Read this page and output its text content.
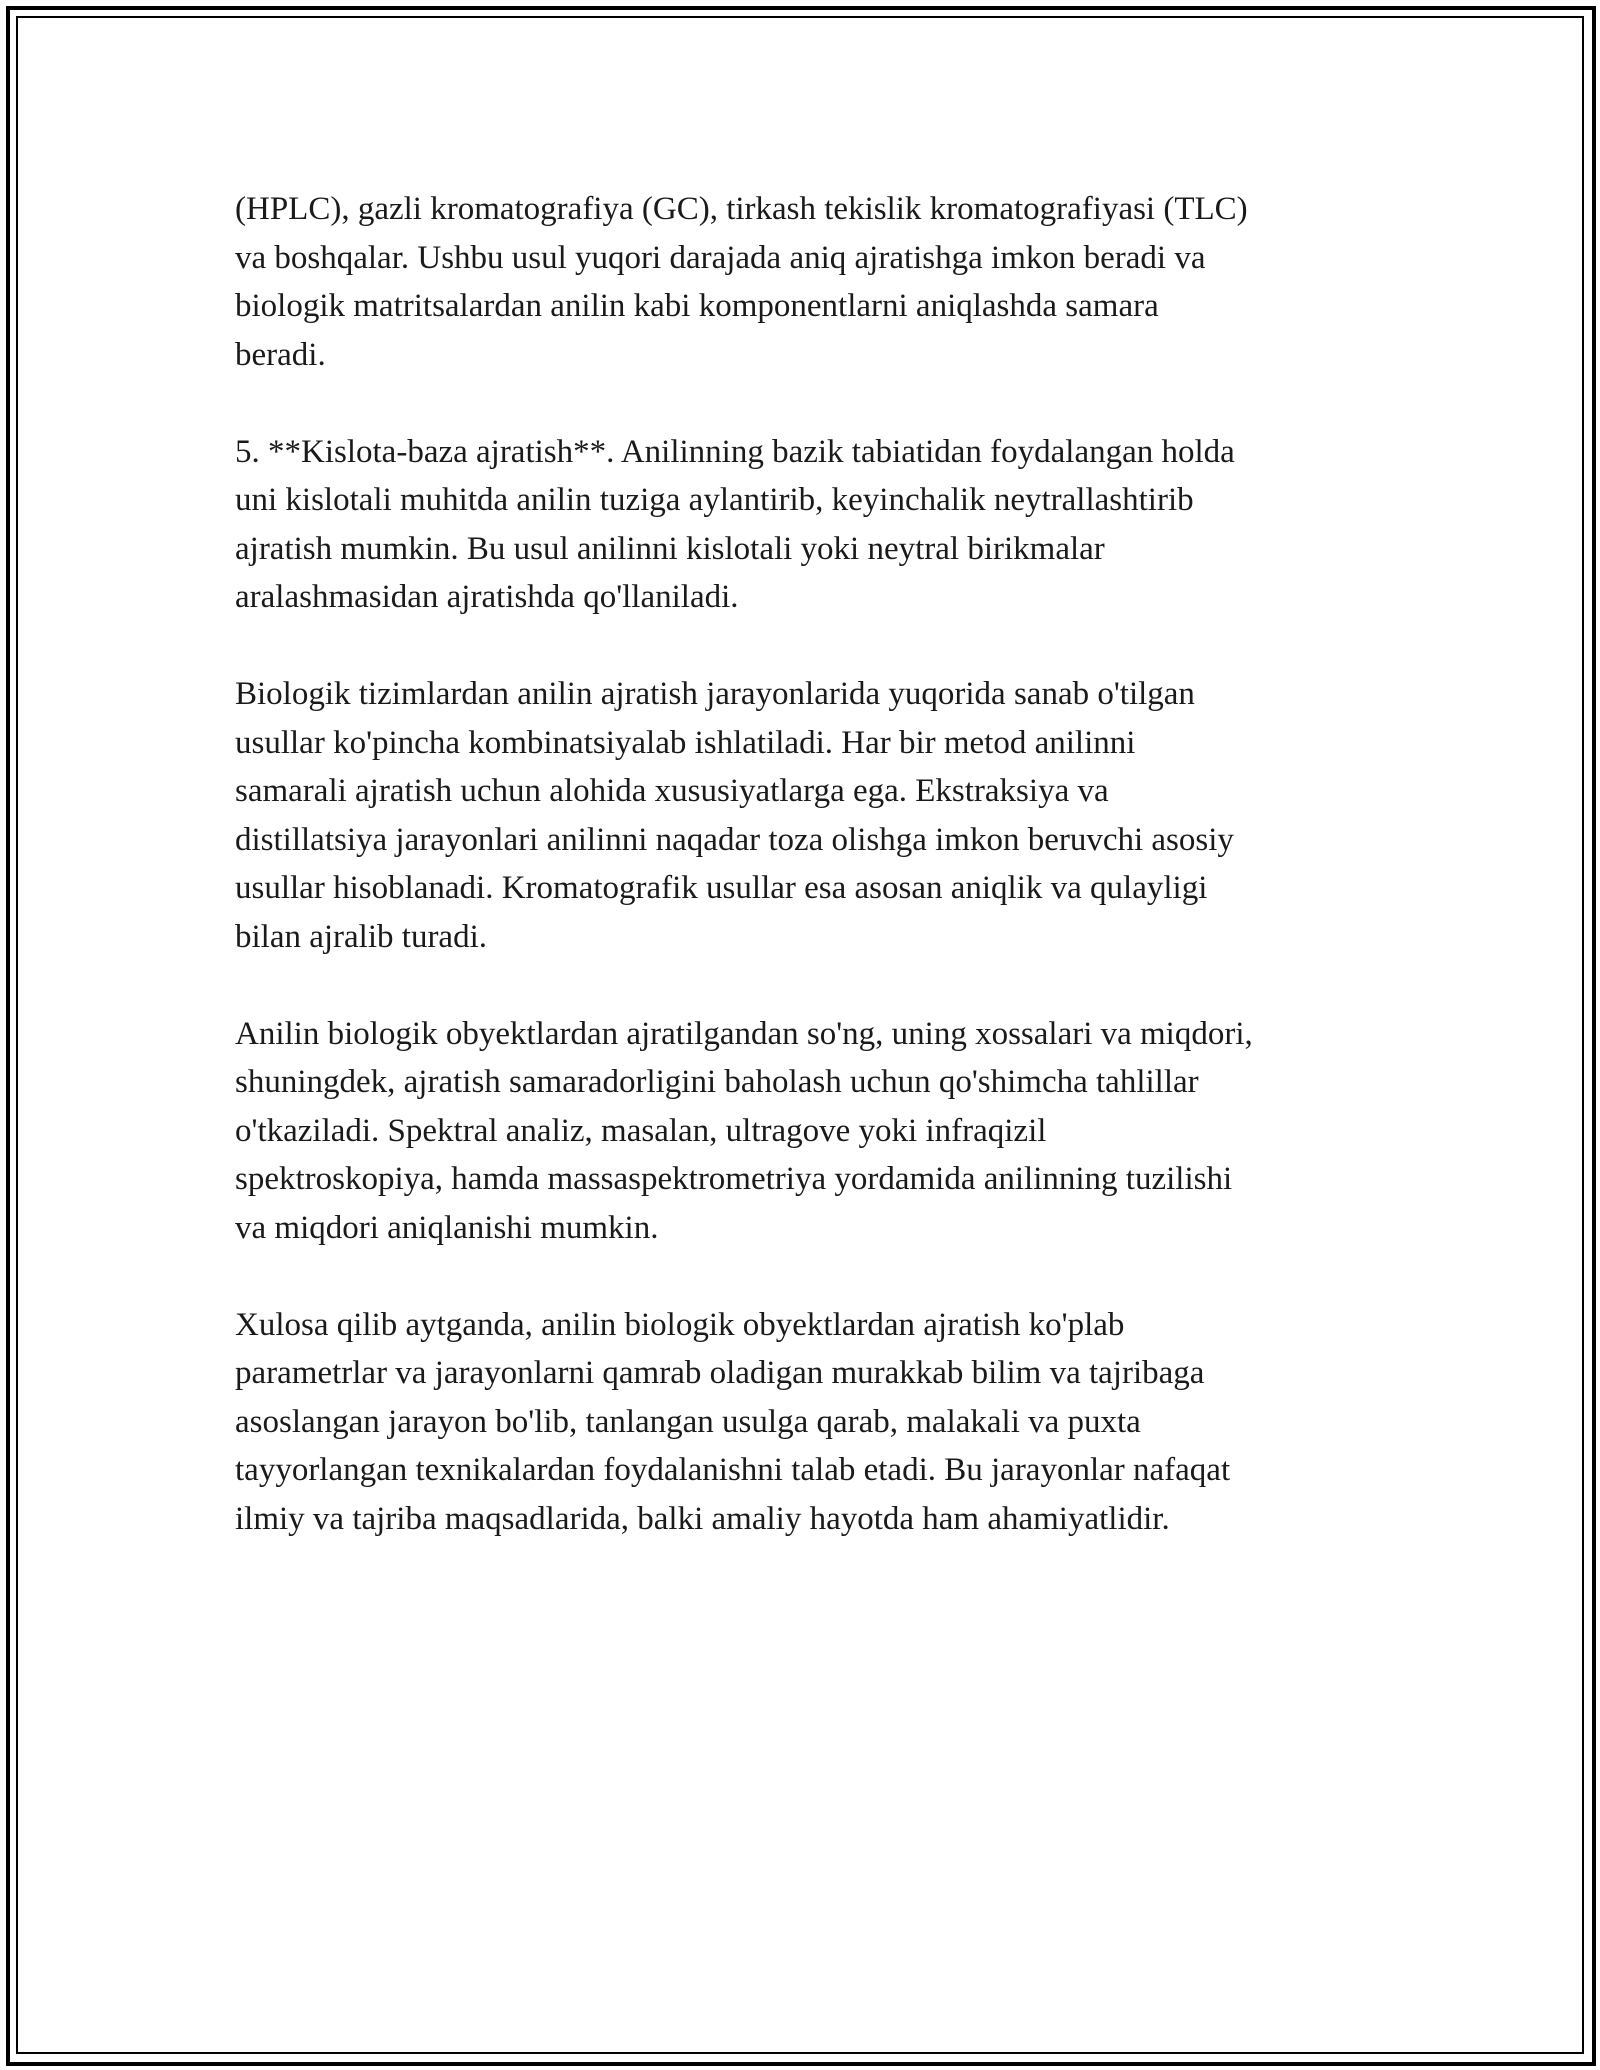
(HPLC), gazli kromatografiya (GC), tirkash tekislik kromatografiyasi (TLC)
va boshqalar. Ushbu usul yuqori darajada aniq ajratishga imkon beradi va
biologik matritsalardan anilin kabi komponentlarni aniqlashda samara
beradi.

5. **Kislota-baza ajratish**. Anilinning bazik tabiatidan foydalangan holda
uni kislotali muhitda anilin tuziga aylantirib, keyinchalik neytrallashtirib
ajratish mumkin. Bu usul anilinni kislotali yoki neytral birikmalar
aralashmasidan ajratishda qo'llaniladi.

Biologik tizimlardan anilin ajratish jarayonlarida yuqorida sanab o'tilgan
usullar ko'pincha kombinatsiyalab ishlatiladi. Har bir metod anilinni
samarali ajratish uchun alohida xususiyatlarga ega. Ekstraksiya va
distillatsiya jarayonlari anilinni naqadar toza olishga imkon beruvchi asosiy
usullar hisoblanadi. Kromatografik usullar esa asosan aniqlik va qulayligi
bilan ajralib turadi.

Anilin biologik obyektlardan ajratilgandan so'ng, uning xossalari va miqdori,
shuningdek, ajratish samaradorligini baholash uchun qo'shimcha tahlillar
o'tkaziladi. Spektral analiz, masalan, ultragove yoki infraqizil
spektroskopiya, hamda massaspektrometriya yordamida anilinning tuzilishi
va miqdori aniqlanishi mumkin.

Xulosa qilib aytganda, anilin biologik obyektlardan ajratish ko'plab
parametrlar va jarayonlarni qamrab oladigan murakkab bilim va tajribaga
asoslangan jarayon bo'lib, tanlangan usulga qarab, malakali va puxta
tayyorlangan texnikalardan foydalanishni talab etadi. Bu jarayonlar nafaqat
ilmiy va tajriba maqsadlarida, balki amaliy hayotda ham ahamiyatlidir.
